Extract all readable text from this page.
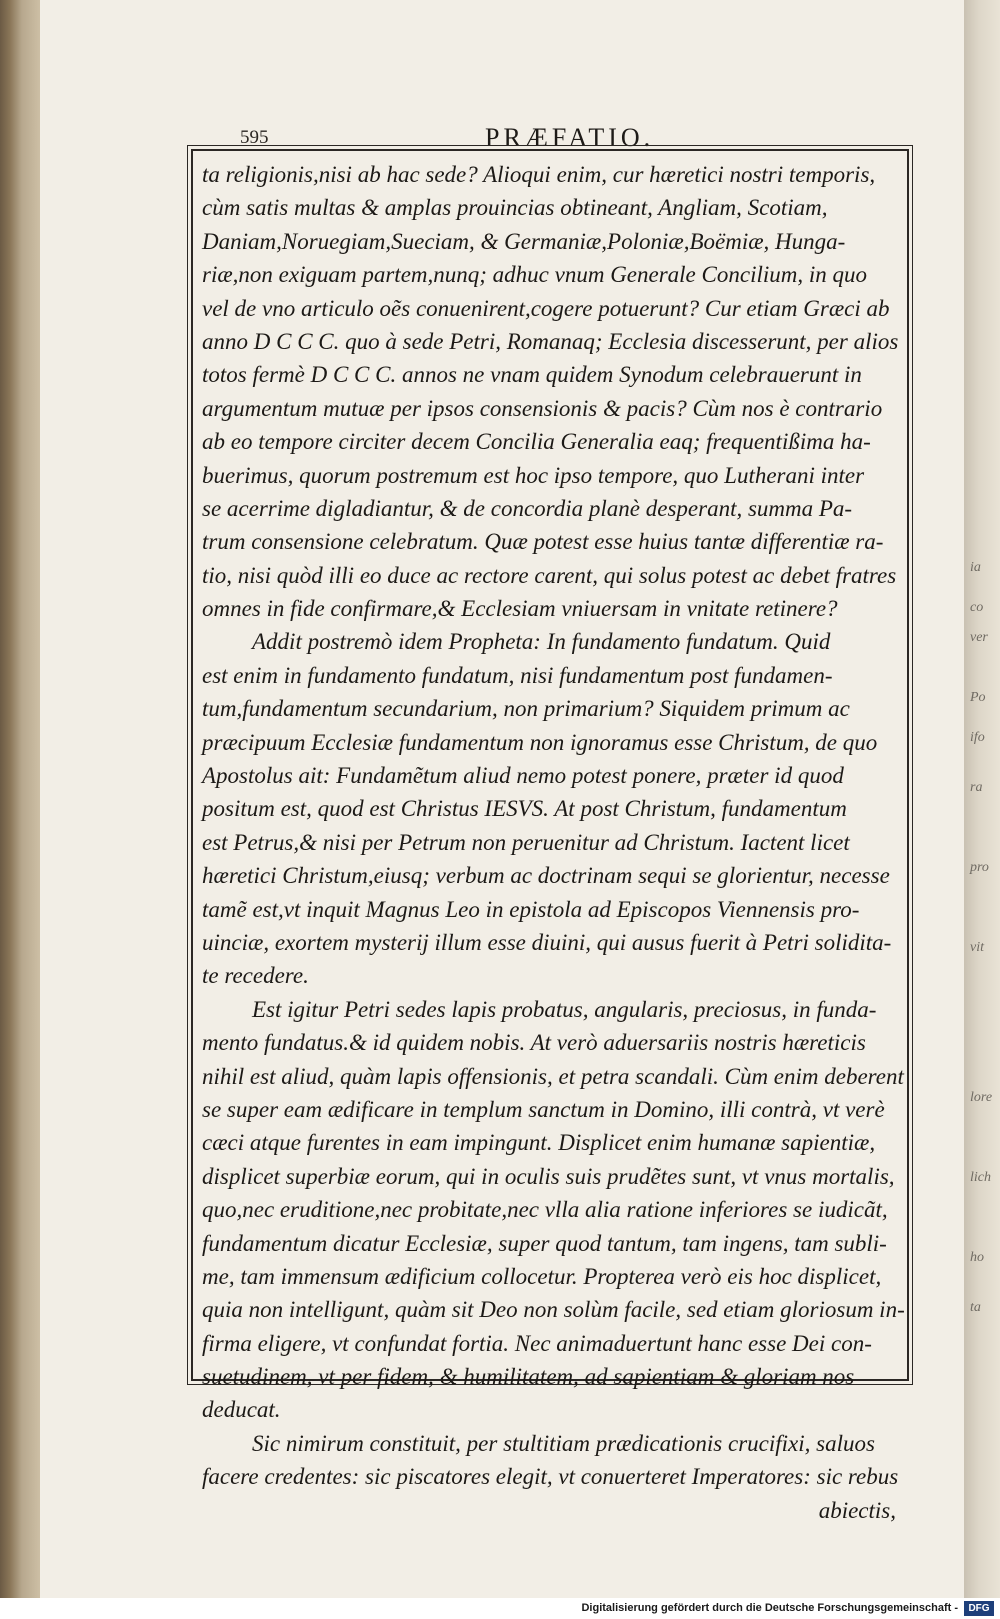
595	PRÆFATIO.
ta religionis,nisi ab hac sede? Alioqui enim, cur hæretici nostri temporis,
cùm satis multas & amplas prouincias obtineant, Angliam, Scotiam,
Daniam,Noruegiam,Sueciam, & Germaniæ,Poloniæ,Boëmiæ, Hunga-
riæ,non exiguam partem,nunq; adhuc vnum Generale Concilium, in quo
vel de vno articulo oẽs conuenirent,cogere potuerunt? Cur etiam Græci ab
anno D C C C. quo à sede Petri, Romanaq; Ecclesia discesserunt, per alios
totos fermè D C C C. annos ne vnam quidem Synodum celebrauerunt in
argumentum mutuæ per ipsos consensionis & pacis? Cùm nos è contrario
ab eo tempore circiter decem Concilia Generalia eaq; frequentißima ha-
buerimus, quorum postremum est hoc ipso tempore, quo Lutherani inter
se acerrime digladiantur, & de concordia planè desperant, summa Pa-
trum consensione celebratum. Quæ potest esse huius tantæ differentiæ ra-
tio, nisi quòd illi eo duce ac rectore carent, qui solus potest ac debet fratres
omnes in fide confirmare,& Ecclesiam vniuersam in vnitate retinere?
Addit postremò idem Propheta: In fundamento fundatum. Quid
est enim in fundamento fundatum, nisi fundamentum post fundamen-
tum,fundamentum secundarium, non primarium? Siquidem primum ac
præcipuum Ecclesiæ fundamentum non ignoramus esse Christum, de quo
Apostolus ait: Fundamẽtum aliud nemo potest ponere, præter id quod
positum est, quod est Christus IESVS. At post Christum, fundamentum
est Petrus,& nisi per Petrum non peruenitur ad Christum. Iactent licet
hæretici Christum,eiusq; verbum ac doctrinam sequi se glorientur, necesse
tamẽ est,vt inquit Magnus Leo in epistola ad Episcopos Viennensis pro-
uinciæ, exortem mysterij illum esse diuini, qui ausus fuerit à Petri solidita-
te recedere.
Est igitur Petri sedes lapis probatus, angularis, preciosus, in funda-
mento fundatus.& id quidem nobis. At verò aduersariis nostris hæreticis
nihil est aliud, quàm lapis offensionis, et petra scandali. Cùm enim deberent
se super eam ædificare in templum sanctum in Domino, illi contrà, vt verè
cæci atque furentes in eam impingunt. Displicet enim humanæ sapientiæ,
displicet superbiæ eorum, qui in oculis suis prudẽtes sunt, vt vnus mortalis,
quo,nec eruditione,nec probitate,nec vlla alia ratione inferiores se iudicãt,
fundamentum dicatur Ecclesiæ, super quod tantum, tam ingens, tam subli-
me, tam immensum ædificium collocetur. Propterea verò eis hoc displicet,
quia non intelligunt, quàm sit Deo non solùm facile, sed etiam gloriosum in-
firma eligere, vt confundat fortia. Nec animaduertunt hanc esse Dei con-
suetudinem, vt per fidem, & humilitatem, ad sapientiam & gloriam nos
deducat.
Sic nimirum constituit, per stultitiam prædicationis crucifixi, saluos
facere credentes: sic piscatores elegit, vt conuerteret Imperatores: sic rebus
abiectis,
ia
co
ver
Po
ifo
ra
pro
vit
lore
lich
ho
ta
Digitalisierung gefördert durch die Deutsche Forschungsgemeinschaft -	DFG
